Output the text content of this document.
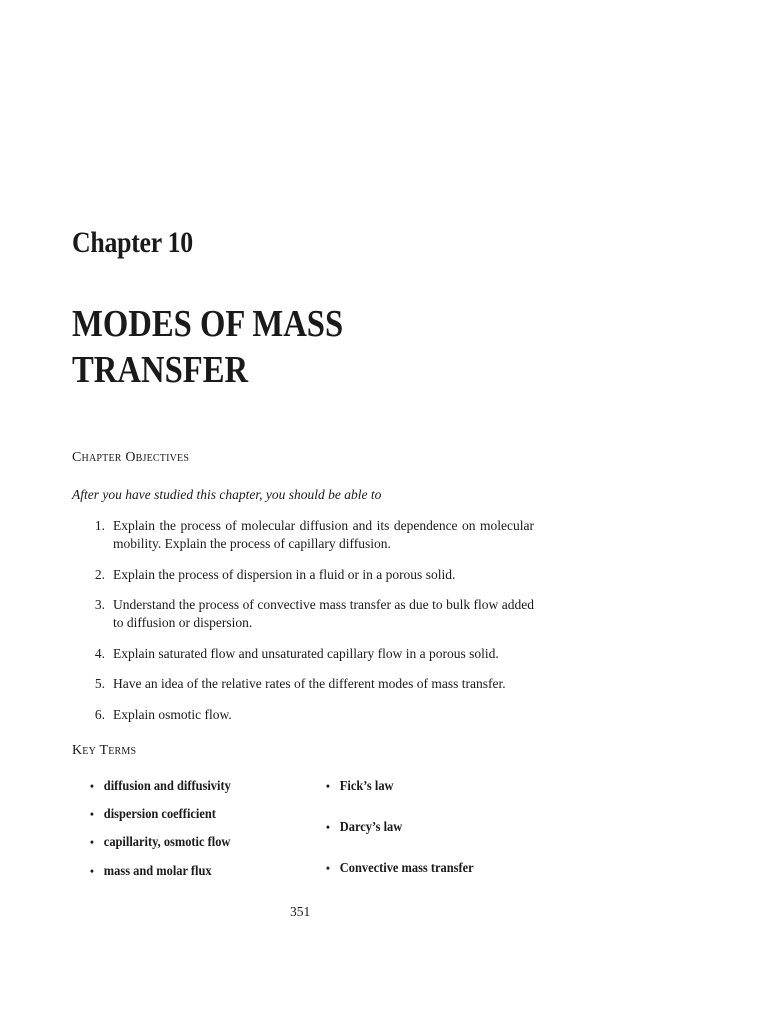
Chapter 10
MODES OF MASS
TRANSFER
Chapter Objectives
After you have studied this chapter, you should be able to
1. Explain the process of molecular diffusion and its dependence on molecular mobility. Explain the process of capillary diffusion.
2. Explain the process of dispersion in a fluid or in a porous solid.
3. Understand the process of convective mass transfer as due to bulk flow added to diffusion or dispersion.
4. Explain saturated flow and unsaturated capillary flow in a porous solid.
5. Have an idea of the relative rates of the different modes of mass transfer.
6. Explain osmotic flow.
Key Terms
• diffusion and diffusivity
• dispersion coefficient
• capillarity, osmotic flow
• mass and molar flux
• Fick’s law
• Darcy’s law
• Convective mass transfer
351
